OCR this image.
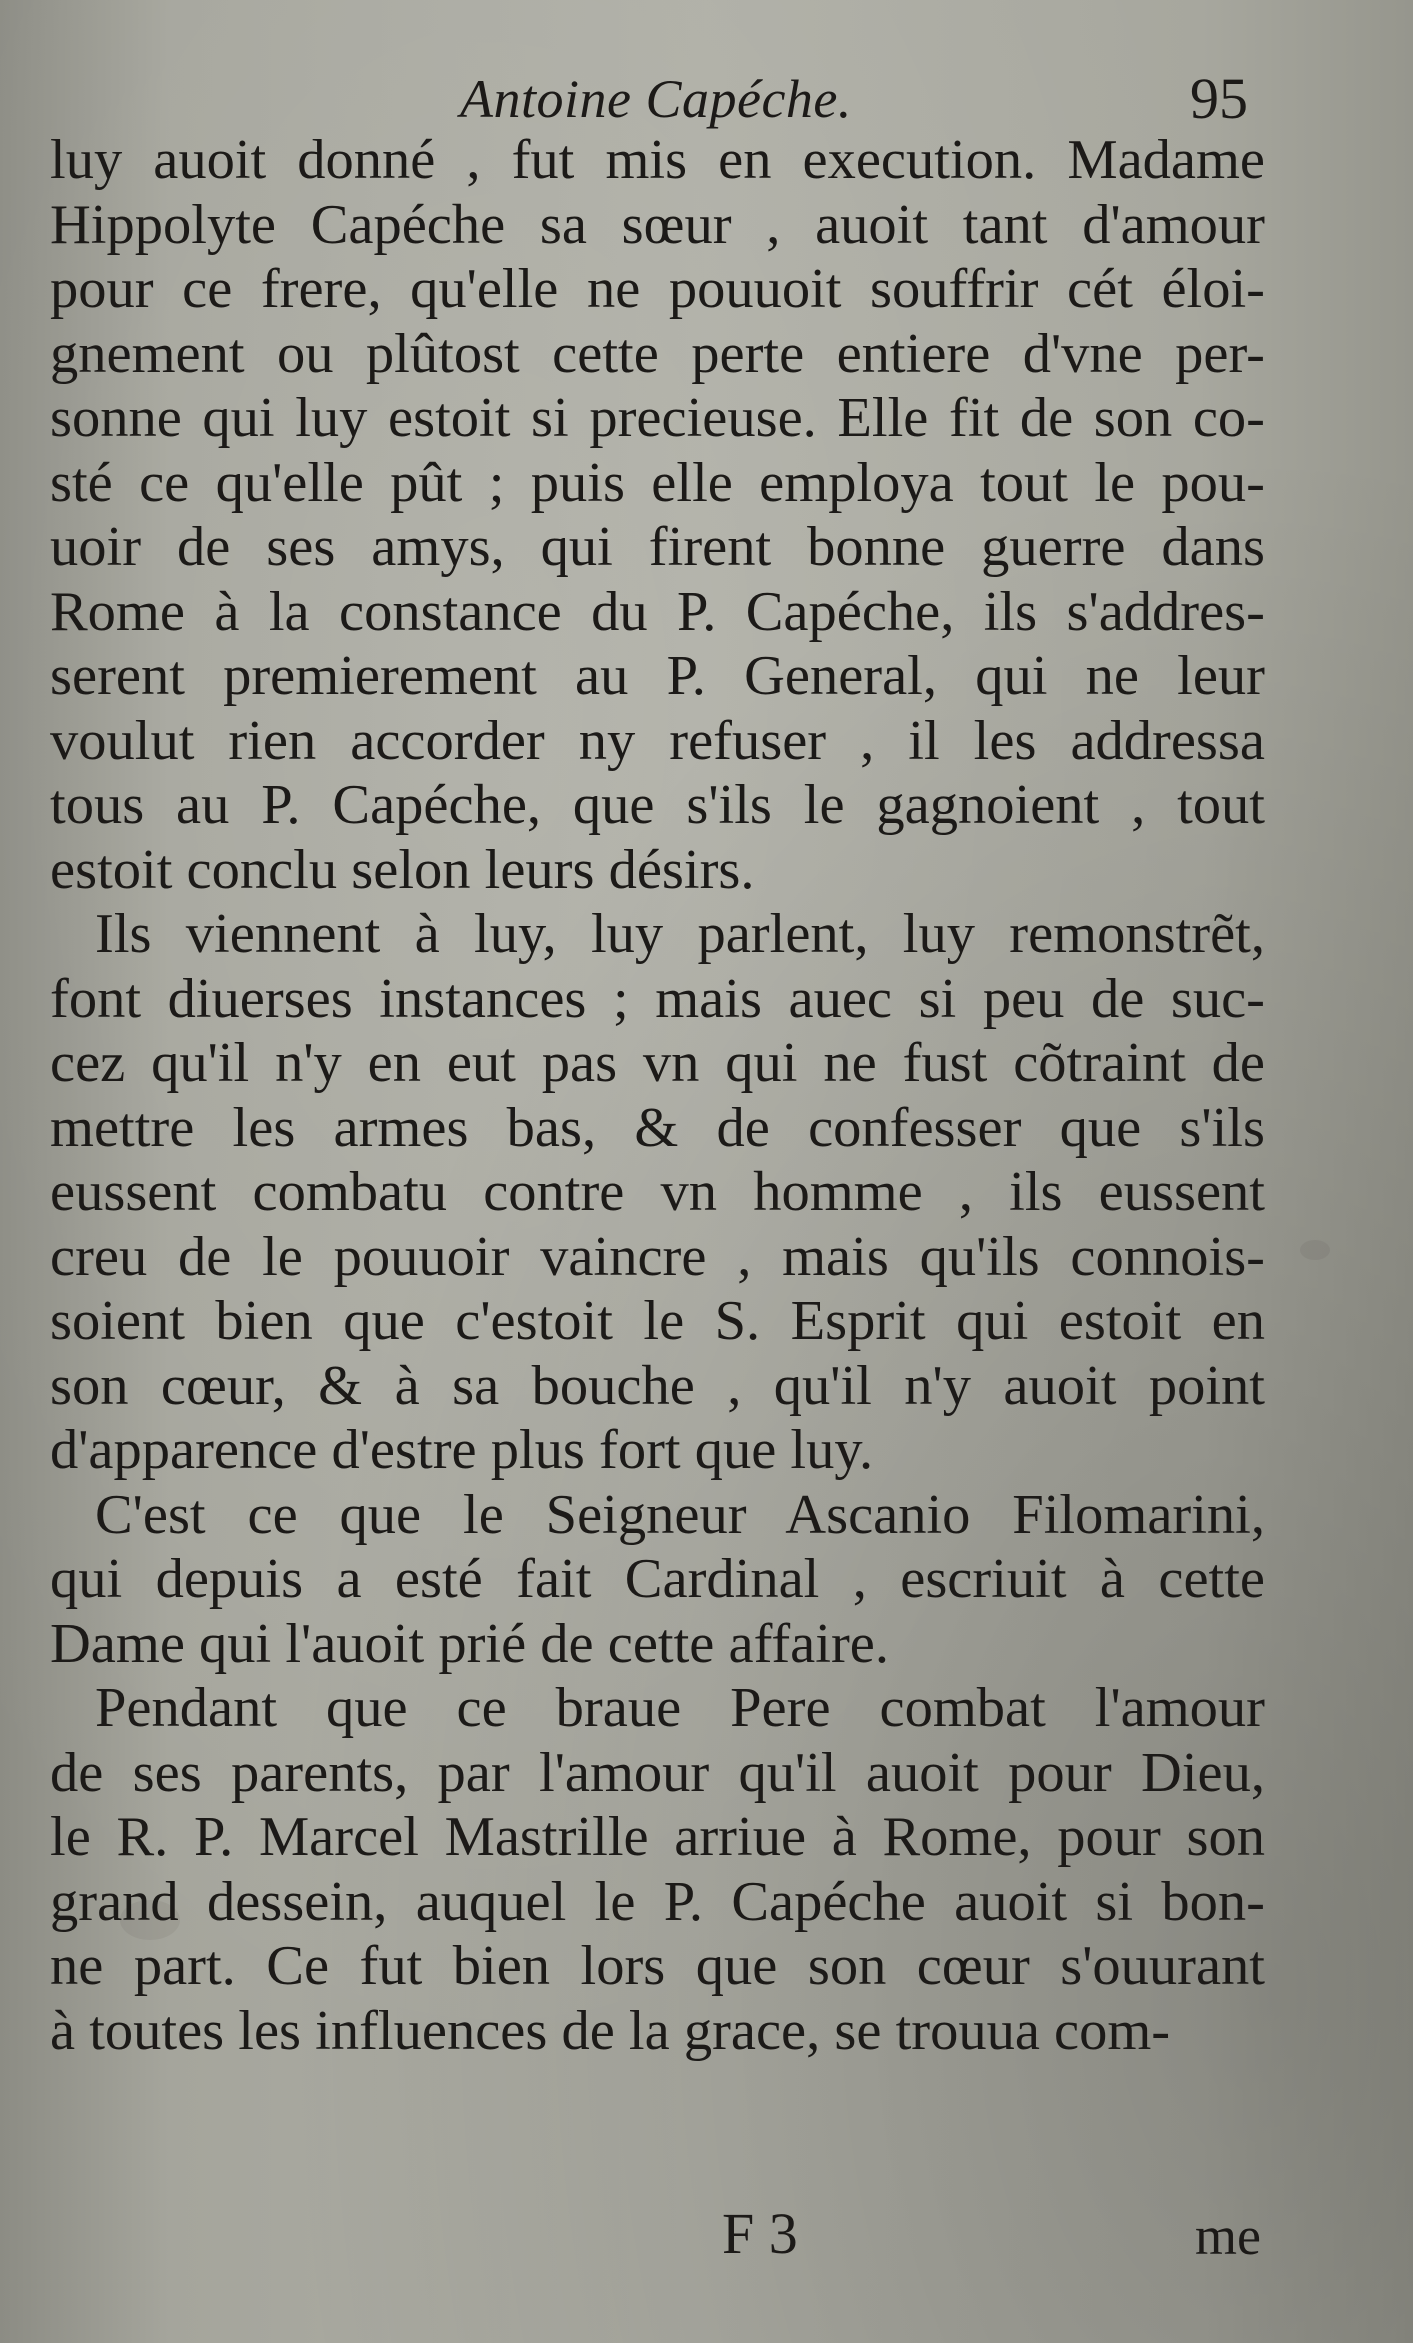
Antoine Capéche.	95
luy auoit donné , fut mis en execution. Madame
Hippolyte Capéche sa sœur , auoit tant d'amour
pour ce frere, qu'elle ne pouuoit souffrir cét éloi-
gnement ou plûtost cette perte entiere d'vne per-
sonne qui luy estoit si precieuse. Elle fit de son co-
sté ce qu'elle pût ; puis elle employa tout le pou-
uoir de ses amys, qui firent bonne guerre dans
Rome à la constance du P. Capéche, ils s'addres-
serent premierement au P. General, qui ne leur
voulut rien accorder ny refuser , il les addressa
tous au P. Capéche, que s'ils le gagnoient , tout
estoit conclu selon leurs désirs.
Ils viennent à luy, luy parlent, luy remonstrẽt,
font diuerses instances ; mais auec si peu de suc-
cez qu'il n'y en eut pas vn qui ne fust cõtraint de
mettre les armes bas, & de confesser que s'ils
eussent combatu contre vn homme , ils eussent
creu de le pouuoir vaincre , mais qu'ils connois-
soient bien que c'estoit le S. Esprit qui estoit en
son cœur, & à sa bouche , qu'il n'y auoit point
d'apparence d'estre plus fort que luy.
C'est ce que le Seigneur Ascanio Filomarini,
qui depuis a esté fait Cardinal , escriuit à cette
Dame qui l'auoit prié de cette affaire.
Pendant que ce braue Pere combat l'amour
de ses parents, par l'amour qu'il auoit pour Dieu,
le R. P. Marcel Mastrille arriue à Rome, pour son
grand dessein, auquel le P. Capéche auoit si bon-
ne part. Ce fut bien lors que son cœur s'ouurant
à toutes les influences de la grace, se trouua com-
F 3	me
